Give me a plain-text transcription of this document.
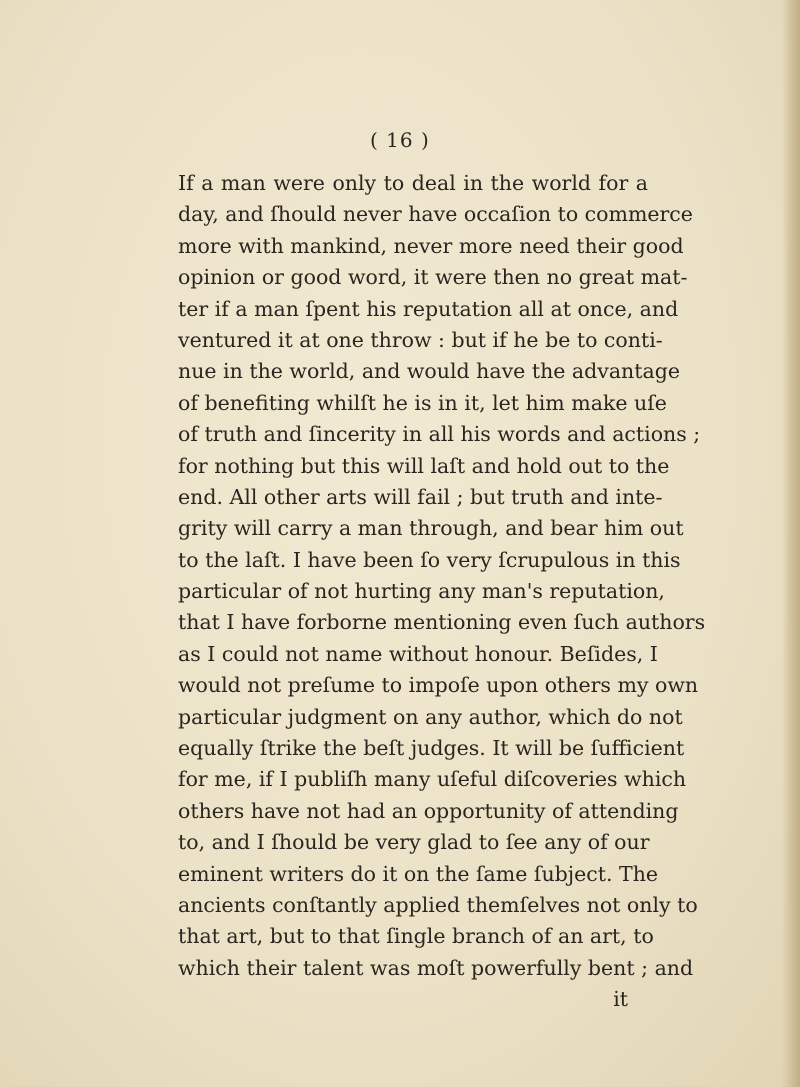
( 16 )
If a man were only to deal in the world for a
day, and ſhould never have occaſion to commerce
more with mankind, never more need their good
opinion or good word, it were then no great mat-
ter if a man ſpent his reputation all at once, and
ventured it at one throw : but if he be to conti-
nue in the world, and would have the advantage
of benefiting whilſt he is in it, let him make uſe
of truth and ſincerity in all his words and actions ;
for nothing but this will laſt and hold out to the
end. All other arts will fail ; but truth and inte-
grity will carry a man through, and bear him out
to the laſt. I have been ſo very ſcrupulous in this
particular of not hurting any man's reputation,
that I have forborne mentioning even ſuch authors
as I could not name without honour. Beſides, I
would not preſume to impoſe upon others my own
particular judgment on any author, which do not
equally ſtrike the beſt judges. It will be ſufficient
for me, if I publiſh many uſeful diſcoveries which
others have not had an opportunity of attending
to, and I ſhould be very glad to ſee any of our
eminent writers do it on the ſame ſubject. The
ancients conſtantly applied themſelves not only to
that art, but to that ſingle branch of an art, to
which their talent was moſt powerfully bent ; and
it
